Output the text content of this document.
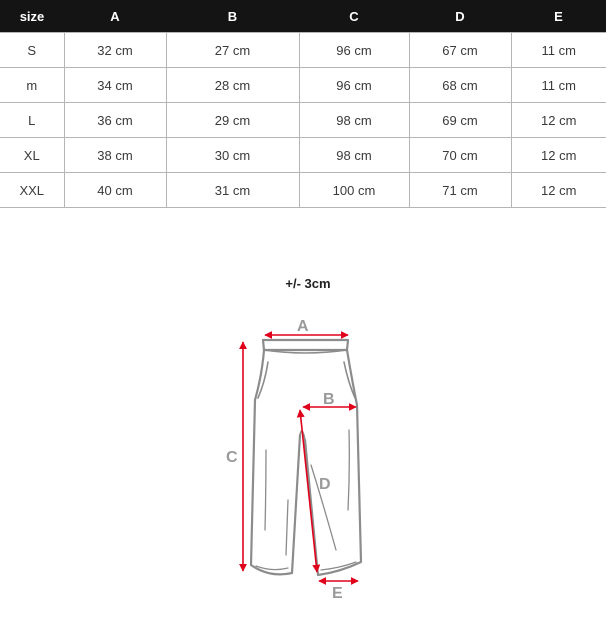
size	A	B	C	D	E
S	32 cm	27 cm	96 cm	67 cm	11 cm
m	34 cm	28 cm	96 cm	68 cm	11 cm
L	36 cm	29 cm	98 cm	69 cm	12 cm
XL	38 cm	30 cm	98 cm	70 cm	12 cm
XXL	40 cm	31 cm	100 cm	71 cm	12 cm
+/- 3cm
A
B
C
D
E
